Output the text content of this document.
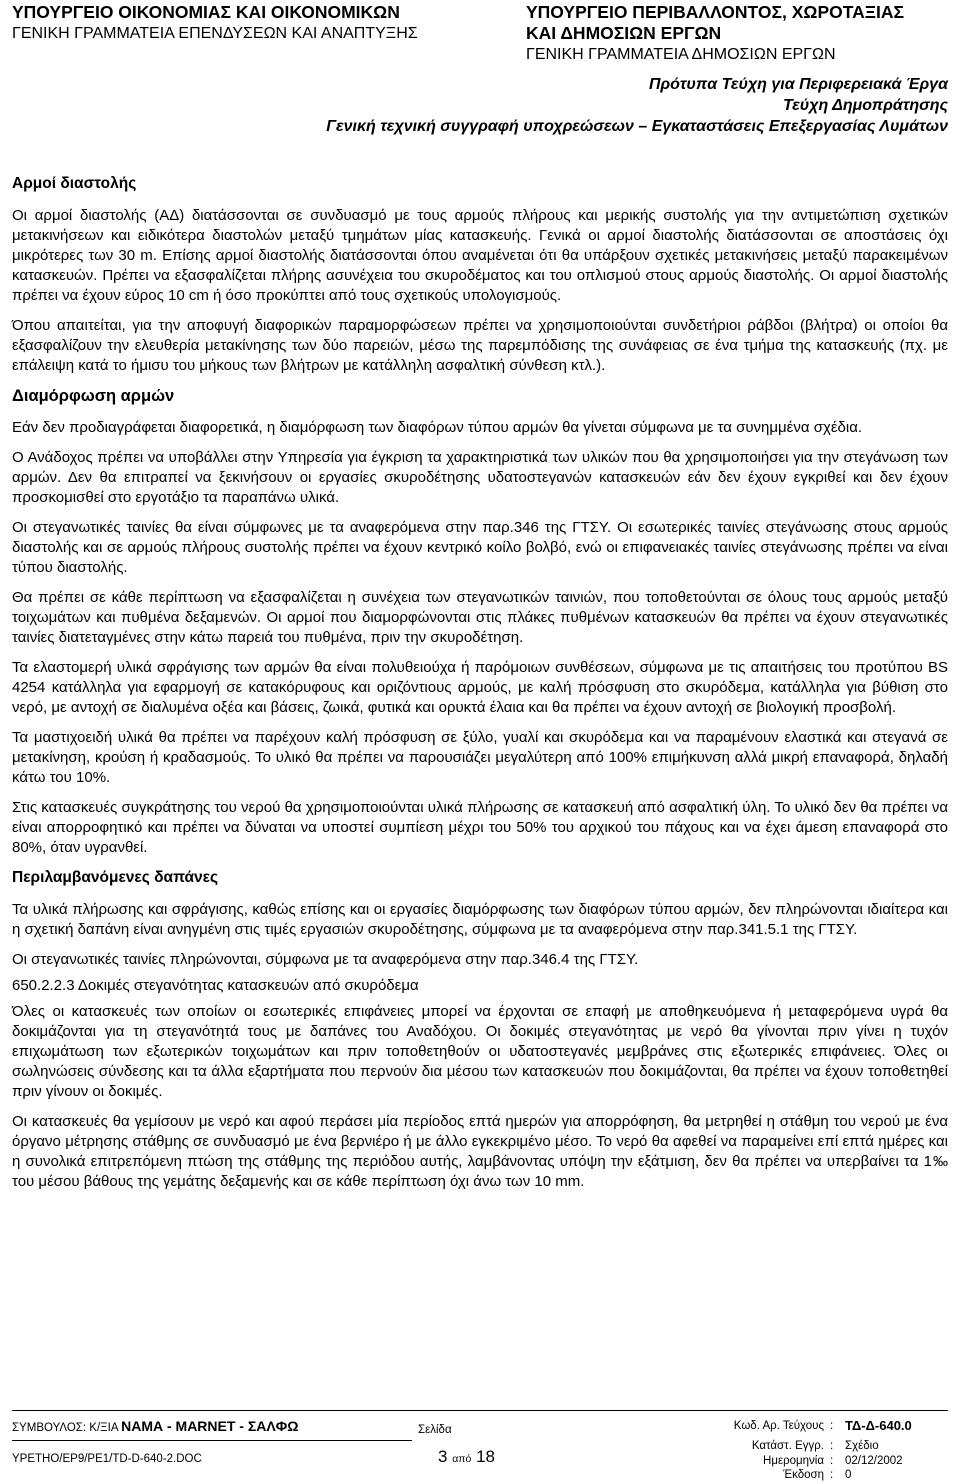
ΥΠΟΥΡΓΕΙΟ ΟΙΚΟΝΟΜΙΑΣ ΚΑΙ ΟΙΚΟΝΟΜΙΚΩΝ
ΓΕΝΙΚΗ ΓΡΑΜΜΑΤΕΙΑ ΕΠΕΝΔΥΣΕΩΝ ΚΑΙ ΑΝΑΠΤΥΞΗΣ
ΥΠΟΥΡΓΕΙΟ ΠΕΡΙΒΑΛΛΟΝΤΟΣ, ΧΩΡΟΤΑΞΙΑΣ
ΚΑΙ ΔΗΜΟΣΙΩΝ ΕΡΓΩΝ
ΓΕΝΙΚΗ ΓΡΑΜΜΑΤΕΙΑ ΔΗΜΟΣΙΩΝ ΕΡΓΩΝ
Πρότυπα Τεύχη για Περιφερειακά Έργα
Τεύχη Δημοπράτησης
Γενική τεχνική συγγραφή υποχρεώσεων – Εγκαταστάσεις Επεξεργασίας Λυμάτων
Αρμοί διαστολής

Οι αρμοί διαστολής (ΑΔ) διατάσσονται σε συνδυασμό με τους αρμούς πλήρους και μερικής συστολής για την αντιμετώπιση σχετικών μετακινήσεων και ειδικότερα διαστολών μεταξύ τμημάτων μίας κατασκευής. Γενικά οι αρμοί διαστολής διατάσσονται σε αποστάσεις όχι μικρότερες των 30 m. Επίσης αρμοί διαστολής διατάσσονται όπου αναμένεται ότι θα υπάρξουν σχετικές μετακινήσεις μεταξύ παρακειμένων κατασκευών. Πρέπει να εξασφαλίζεται πλήρης ασυνέχεια του σκυροδέματος και του οπλισμού στους αρμούς διαστολής. Οι αρμοί διαστολής πρέπει να έχουν εύρος 10 cm ή όσο προκύπτει από τους σχετικούς υπολογισμούς.

Όπου απαιτείται, για την αποφυγή διαφορικών παραμορφώσεων πρέπει να χρησιμοποιούνται συνδετήριοι ράβδοι (βλήτρα) οι οποίοι θα εξασφαλίζουν την ελευθερία μετακίνησης των δύο παρειών, μέσω της παρεμπόδισης της συνάφειας σε ένα τμήμα της κατασκευής (πχ. με επάλειψη κατά το ήμισυ του μήκους των βλήτρων με κατάλληλη ασφαλτική σύνθεση κτλ.).

Διαμόρφωση αρμών

Εάν δεν προδιαγράφεται διαφορετικά, η διαμόρφωση των διαφόρων τύπου αρμών θα γίνεται σύμφωνα με τα συνημμένα σχέδια.

Ο Ανάδοχος πρέπει να υποβάλλει στην Υπηρεσία για έγκριση τα χαρακτηριστικά των υλικών που θα χρησιμοποιήσει για την στεγάνωση των αρμών. Δεν θα επιτραπεί να ξεκινήσουν οι εργασίες σκυροδέτησης υδατοστεγανών κατασκευών εάν δεν έχουν εγκριθεί και δεν έχουν προσκομισθεί στο εργοτάξιο τα παραπάνω υλικά.

Οι στεγανωτικές ταινίες θα είναι σύμφωνες με τα αναφερόμενα στην παρ.346 της ΓΤΣΥ. Οι εσωτερικές ταινίες στεγάνωσης στους αρμούς διαστολής και σε αρμούς πλήρους συστολής πρέπει να έχουν κεντρικό κοίλο βολβό, ενώ οι επιφανειακές ταινίες στεγάνωσης πρέπει να είναι τύπου διαστολής.

Θα πρέπει σε κάθε περίπτωση να εξασφαλίζεται η συνέχεια των στεγανωτικών ταινιών, που τοποθετούνται σε όλους τους αρμούς μεταξύ τοιχωμάτων και πυθμένα δεξαμενών. Οι αρμοί που διαμορφώνονται στις πλάκες πυθμένων κατασκευών θα πρέπει να έχουν στεγανωτικές ταινίες διατεταγμένες στην κάτω παρειά του πυθμένα, πριν την σκυροδέτηση.

Τα ελαστομερή υλικά σφράγισης των αρμών θα είναι πολυθειούχα ή παρόμοιων συνθέσεων, σύμφωνα με τις απαιτήσεις του προτύπου BS 4254 κατάλληλα για εφαρμογή σε κατακόρυφους και οριζόντιους αρμούς, με καλή πρόσφυση στο σκυρόδεμα, κατάλληλα για βύθιση στο νερό, με αντοχή σε διαλυμένα οξέα και βάσεις, ζωικά, φυτικά και ορυκτά έλαια και θα πρέπει να έχουν αντοχή σε βιολογική προσβολή.

Τα μαστιχοειδή υλικά θα πρέπει να παρέχουν καλή πρόσφυση σε ξύλο, γυαλί και σκυρόδεμα και να παραμένουν ελαστικά και στεγανά σε μετακίνηση, κρούση ή κραδασμούς. Το υλικό θα πρέπει να παρουσιάζει μεγαλύτερη από 100% επιμήκυνση αλλά μικρή επαναφορά, δηλαδή κάτω του 10%.

Στις κατασκευές συγκράτησης του νερού θα χρησιμοποιούνται υλικά πλήρωσης σε κατασκευή από ασφαλτική ύλη. Το υλικό δεν θα πρέπει να είναι απορροφητικό και πρέπει να δύναται να υποστεί συμπίεση μέχρι του 50% του αρχικού του πάχους και να έχει άμεση επαναφορά στο 80%, όταν υγρανθεί.

Περιλαμβανόμενες δαπάνες

Τα υλικά πλήρωσης και σφράγισης, καθώς επίσης και οι εργασίες διαμόρφωσης των διαφόρων τύπου αρμών, δεν πληρώνονται ιδιαίτερα και η σχετική δαπάνη είναι ανηγμένη στις τιμές εργασιών σκυροδέτησης, σύμφωνα με τα αναφερόμενα στην παρ.341.5.1 της ΓΤΣΥ.

Οι στεγανωτικές ταινίες πληρώνονται, σύμφωνα με τα αναφερόμενα στην παρ.346.4 της ΓΤΣΥ.

650.2.2.3 Δοκιμές στεγανότητας κατασκευών από σκυρόδεμα

Όλες οι κατασκευές των οποίων οι εσωτερικές επιφάνειες μπορεί να έρχονται σε επαφή με αποθηκευόμενα ή μεταφερόμενα υγρά θα δοκιμάζονται για τη στεγανότητά τους με δαπάνες του Αναδόχου. Οι δοκιμές στεγανότητας με νερό θα γίνονται πριν γίνει η τυχόν επιχωμάτωση των εξωτερικών τοιχωμάτων και πριν τοποθετηθούν οι υδατοστεγανές μεμβράνες στις εξωτερικές επιφάνειες. Όλες οι σωληνώσεις σύνδεσης και τα άλλα εξαρτήματα που περνούν δια μέσου των κατασκευών που δοκιμάζονται, θα πρέπει να έχουν τοποθετηθεί πριν γίνουν οι δοκιμές.

Οι κατασκευές θα γεμίσουν με νερό και αφού περάσει μία περίοδος επτά ημερών για απορρόφηση, θα μετρηθεί η στάθμη του νερού με ένα όργανο μέτρησης στάθμης σε συνδυασμό με ένα βερνιέρο ή με άλλο εγκεκριμένο μέσο. Το νερό θα αφεθεί να παραμείνει επί επτά ημέρες και η συνολικά επιτρεπόμενη πτώση της στάθμης της περιόδου αυτής, λαμβάνοντας υπόψη την εξάτμιση, δεν θα πρέπει να υπερβαίνει τα 1‰ του μέσου βάθους της γεμάτης δεξαμενής και σε κάθε περίπτωση όχι άνω των 10 mm.

ΣΥΜΒΟΥΛΟΣ: Κ/ΞΙΑ ΝΑΜΑ - MARNET - ΣΑΛΦΩ
ΥΡΕΤΗΟ/ΕΡ9/PE1/TD-D-640-2.DOC
Σελίδα
3 από 18
Κωδ. Αρ. Τεύχους : ΤΔ-Δ-640.0
Κατάστ. Εγγρ. : Σχέδιο
Ημερομηνία : 02/12/2002
Έκδοση : 0
